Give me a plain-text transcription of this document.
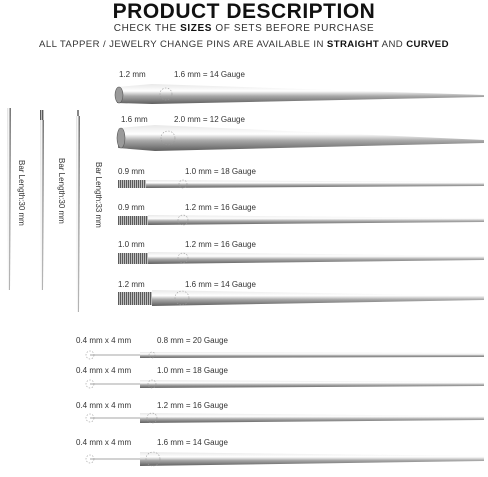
PRODUCT DESCRIPTION
CHECK THE SIZES OF SETS BEFORE PURCHASE
ALL TAPPER / JEWELRY CHANGE PINS ARE AVAILABLE IN STRAIGHT AND CURVED
Bar Length:30 mm	Bar Length:30 mm	Bar Length:33 mm
1.2 mm	1.6 mm = 14 Gauge
1.6 mm	2.0 mm = 12 Gauge
0.9 mm	1.0 mm = 18 Gauge
0.9 mm	1.2 mm = 16 Gauge
1.0 mm	1.2 mm = 16 Gauge
1.2 mm	1.6 mm = 14 Gauge
0.4 mm x 4 mm	0.8 mm = 20 Gauge
0.4 mm x 4 mm	1.0 mm = 18 Gauge
0.4 mm x 4 mm	1.2 mm = 16 Gauge
0.4 mm x 4 mm	1.6 mm = 14 Gauge
